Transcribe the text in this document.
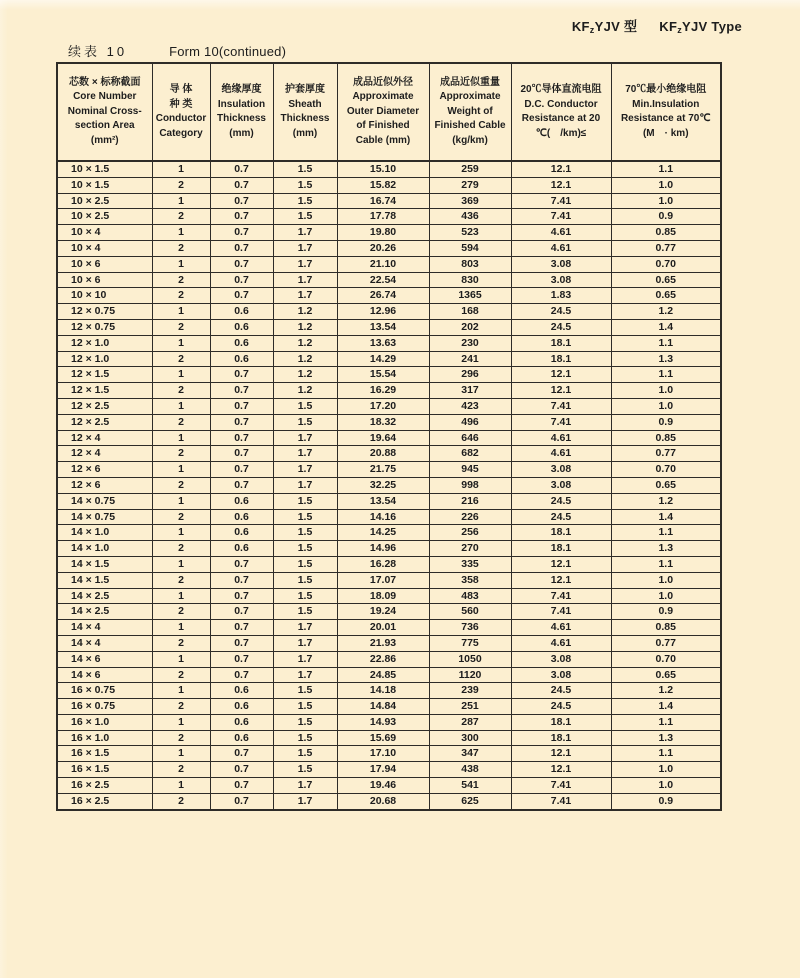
$KF_zYJV$ 型 $KF_zYJV$ Type
续表 10	Form 10(continued)
芯数 × 标称截面
Core Number
Nominal Cross-
section Area
(mm²)

导 体
种 类
Conductor
Category

绝缘厚度
Insulation
Thickness
(mm)

护套厚度
Sheath
Thickness
(mm)

成品近似外径
Approximate
Outer Diameter
of Finished
Cable (mm)

成品近似重量
Approximate
Weight of
Finished Cable
(kg/km)

20℃导体直流电阻
D.C. Conductor
Resistance at 20
℃(　/km)≤

70℃最小绝缘电阻
Min.Insulation
Resistance at 70℃
(M　· km)

10 × 1.5	1	0.7	1.5	15.10	259	12.1	1.1
10 × 1.5	2	0.7	1.5	15.82	279	12.1	1.0
10 × 2.5	1	0.7	1.5	16.74	369	7.41	1.0
10 × 2.5	2	0.7	1.5	17.78	436	7.41	0.9
10 × 4	1	0.7	1.7	19.80	523	4.61	0.85
10 × 4	2	0.7	1.7	20.26	594	4.61	0.77
10 × 6	1	0.7	1.7	21.10	803	3.08	0.70
10 × 6	2	0.7	1.7	22.54	830	3.08	0.65
10 × 10	2	0.7	1.7	26.74	1365	1.83	0.65
12 × 0.75	1	0.6	1.2	12.96	168	24.5	1.2
12 × 0.75	2	0.6	1.2	13.54	202	24.5	1.4
12 × 1.0	1	0.6	1.2	13.63	230	18.1	1.1
12 × 1.0	2	0.6	1.2	14.29	241	18.1	1.3
12 × 1.5	1	0.7	1.2	15.54	296	12.1	1.1
12 × 1.5	2	0.7	1.2	16.29	317	12.1	1.0
12 × 2.5	1	0.7	1.5	17.20	423	7.41	1.0
12 × 2.5	2	0.7	1.5	18.32	496	7.41	0.9
12 × 4	1	0.7	1.7	19.64	646	4.61	0.85
12 × 4	2	0.7	1.7	20.88	682	4.61	0.77
12 × 6	1	0.7	1.7	21.75	945	3.08	0.70
12 × 6	2	0.7	1.7	32.25	998	3.08	0.65
14 × 0.75	1	0.6	1.5	13.54	216	24.5	1.2
14 × 0.75	2	0.6	1.5	14.16	226	24.5	1.4
14 × 1.0	1	0.6	1.5	14.25	256	18.1	1.1
14 × 1.0	2	0.6	1.5	14.96	270	18.1	1.3
14 × 1.5	1	0.7	1.5	16.28	335	12.1	1.1
14 × 1.5	2	0.7	1.5	17.07	358	12.1	1.0
14 × 2.5	1	0.7	1.5	18.09	483	7.41	1.0
14 × 2.5	2	0.7	1.5	19.24	560	7.41	0.9
14 × 4	1	0.7	1.7	20.01	736	4.61	0.85
14 × 4	2	0.7	1.7	21.93	775	4.61	0.77
14 × 6	1	0.7	1.7	22.86	1050	3.08	0.70
14 × 6	2	0.7	1.7	24.85	1120	3.08	0.65
16 × 0.75	1	0.6	1.5	14.18	239	24.5	1.2
16 × 0.75	2	0.6	1.5	14.84	251	24.5	1.4
16 × 1.0	1	0.6	1.5	14.93	287	18.1	1.1
16 × 1.0	2	0.6	1.5	15.69	300	18.1	1.3
16 × 1.5	1	0.7	1.5	17.10	347	12.1	1.1
16 × 1.5	2	0.7	1.5	17.94	438	12.1	1.0
16 × 2.5	1	0.7	1.7	19.46	541	7.41	1.0
16 × 2.5	2	0.7	1.7	20.68	625	7.41	0.9
